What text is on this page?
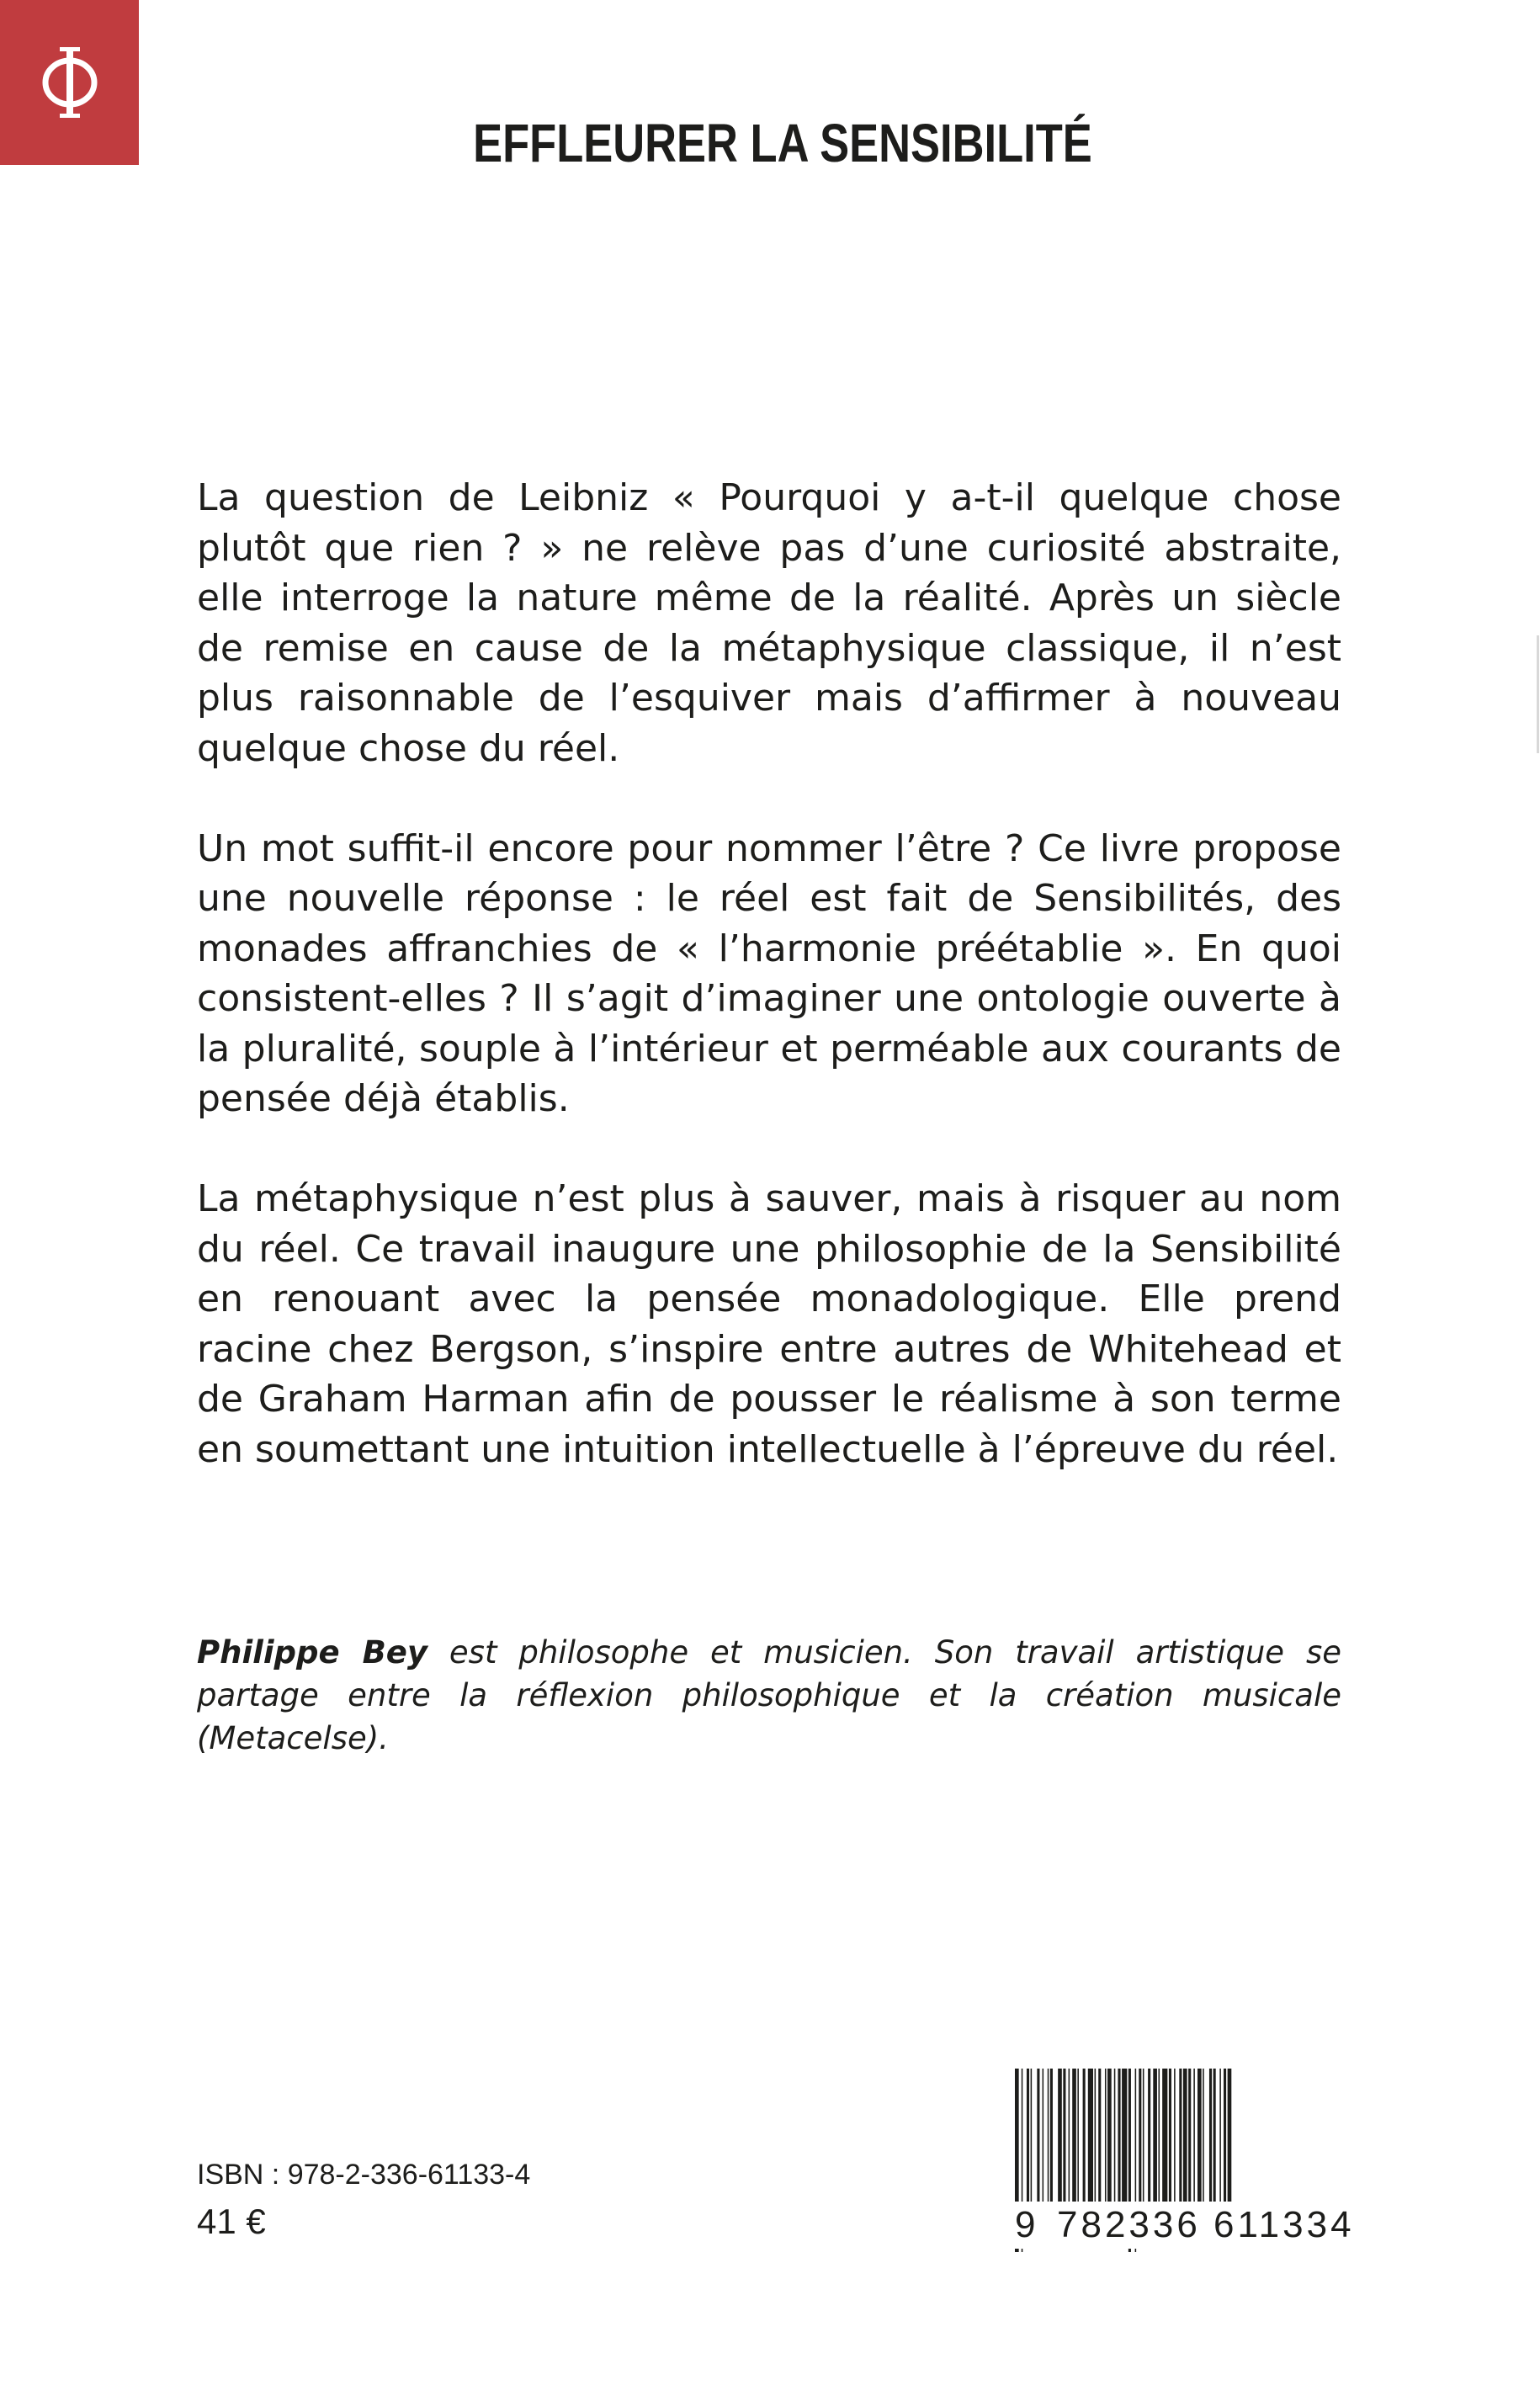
EFFLEURER LA SENSIBILITÉ

La question de Leibniz « Pourquoi y a-t-il quelque chose plutôt que rien ? » ne relève pas d’une curiosité abstraite, elle interroge la nature même de la réalité. Après un siècle de remise en cause de la métaphysique classique, il n’est plus raisonnable de l’esquiver mais d’affirmer à nouveau quelque chose du réel.

Un mot suffit-il encore pour nommer l’être ? Ce livre propose une nouvelle réponse : le réel est fait de Sensibilités, des monades affranchies de « l’harmonie préétablie ». En quoi consistent-elles ? Il s’agit d’imaginer une ontologie ouverte à la pluralité, souple à l’intérieur et perméable aux courants de pensée déjà établis.

La métaphysique n’est plus à sauver, mais à risquer au nom du réel. Ce travail inaugure une philosophie de la Sensibilité en renouant avec la pensée monadologique. Elle prend racine chez Bergson, s’inspire entre autres de Whitehead et de Graham Harman afin de pousser le réalisme à son terme en soumettant une intuition intellectuelle à l’épreuve du réel.

Philippe Bey est philosophe et musicien. Son travail artistique se partage entre la réflexion philosophique et la création musicale (Metacelse).

ISBN : 978-2-336-61133-4
41 €	9 782336 611334
